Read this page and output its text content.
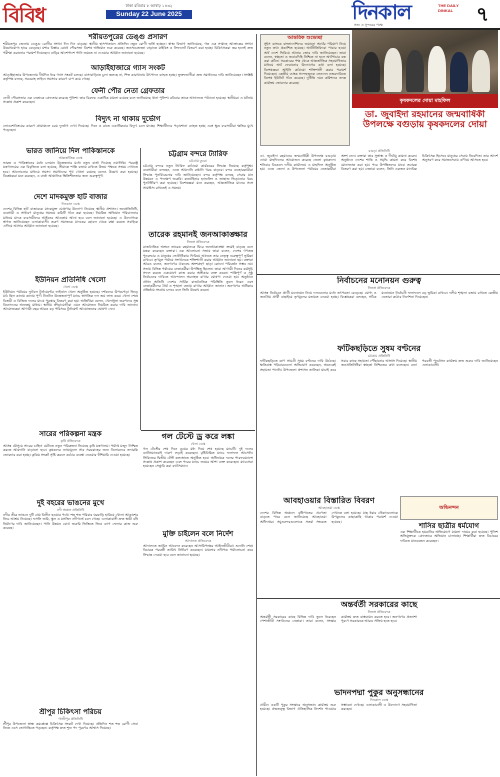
বিবিধ	ঢাকা রবিবার ৮ আষাঢ় ১৪৩২
Sunday 22 June 2025	দিনকাল	THE DAILY DINKAL
সত্য ও সুন্দরের পক্ষে	৭
শরীয়তপুরের ডেঙ্গু প্রসারণ
শরীয়তপুর জেলায় ডেঙ্গু রোগীর সংখ্যা দিন দিন বাড়ছে। স্থানীয় হাসপাতালে প্রতিদিন নতুন রোগী ভর্তি হচ্ছেন। স্বাস্থ্য বিভাগ জানিয়েছে, গত এক সপ্তাহে আক্রান্তের সংখ্যা উল্লেখযোগ্য হারে বেড়েছে। মশার বিস্তার রোধে পৌরসভা বিশেষ অভিযান শুরু করেছে। জনসচেতনতা বাড়াতে মাইকিং ও লিফলেট বিতরণ করা হচ্ছে। চিকিৎসকরা জ্বর হলেই দ্রুত পরীক্ষা করানোর পরামর্শ দিয়েছেন। বাড়ির আশেপাশে পানি জমতে না দেওয়ার আহ্বান জানানো হয়েছে।
আড়াইহাজারে গ্যাস সংকট
আড়াইহাজার উপজেলায় দীর্ঘদিন ধরে গ্যাস সংকট চলছে। বাসাবাড়িতে চুলা জ্বলছে না, শিল্প কারখানায় উৎপাদন ব্যাহত হচ্ছে। ভুক্তভোগীরা দ্রুত সমাধানের দাবি জানিয়েছেন। সংশ্লিষ্ট কর্তৃপক্ষ বলছে, সরবরাহ লাইনে সমস্যার কারণে চাপ কমে গেছে।
ফেনী পৌর নেতা গ্রেফতার
ফেনী পৌরসভার এক নেতাকে গ্রেফতার করেছে পুলিশ। তার বিরুদ্ধে একাধিক মামলা রয়েছে বলে জানিয়েছে থানা পুলিশ। রবিবার তাকে আদালতে পাঠানো হয়েছে। স্থানীয়রা এ ঘটনায় সন্তোষ প্রকাশ করেছেন।
বিদ্যুৎ না থাকায় দুর্ভোগ
লোডশেডিংয়ের কারণে গ্রামাঞ্চলে চরম দুর্ভোগ দেখা দিয়েছে। দিনে ও রাতে একাধিকবার বিদ্যুৎ চলে যাচ্ছে। শিক্ষার্থীদের পড়াশোনা ব্যাহত হচ্ছে এবং ক্ষুদ্র ব্যবসায়ীরা ক্ষতির মুখে পড়েছেন।
ভারত জানিয়ে দিল পাকিস্তানকে
আন্তর্জাতিক ডেস্ক
ভারত ও পাকিস্তানের মধ্যে চলমান উত্তেজনার মধ্যে নতুন বার্তা দিয়েছে নয়াদিল্লি। পররাষ্ট্র মন্ত্রণালয়ের এক বিবৃতিতে বলা হয়েছে, সীমান্তে শান্তি বজায় রাখতে উভয় পক্ষকে সংযম দেখাতে হবে। আলোচনার মাধ্যমে সমস্যা সমাধানের পথ খোলা রয়েছে বলেও উল্লেখ করা হয়েছে। বিশ্লেষকরা মনে করছেন, এ বার্তা আঞ্চলিক স্থিতিশীলতার জন্য গুরুত্বপূর্ণ।
দেশে মাদকমুক্ত হাট বাজার
দিনকাল ডেস্ক
দেশের বিভিন্ন হাট বাজারকে মাদকমুক্ত ঘোষণার উদ্যোগ নিয়েছে স্থানীয় প্রশাসন। জনপ্রতিনিধি, ব্যবসায়ী ও সাধারণ মানুষের সমন্বয়ে কমিটি গঠন করা হয়েছে। নিয়মিত অভিযান পরিচালনার মাধ্যমে মাদক ব্যবসায়ীদের আইনের আওতায় আনা হবে বলে জানানো হয়েছে। এ উদ্যোগকে স্বাগত জানিয়েছেন এলাকাবাসী। তরুণ সমাজকে মাদকের ছোবল থেকে রক্ষা করতে সবাইকে এগিয়ে আসার আহ্বান জানানো হয়েছে।
ইউনিয়ন প্রতিনিধি খেলো
খেলা ডেস্ক
ইউনিয়ন পর্যায়ের ফুটবল টুর্নামেন্টের ফাইনাল খেলা অনুষ্ঠিত হয়েছে। দর্শকদের উপচেপড়া ভিড়ে মাঠ ছিল কানায় কানায় পূর্ণ। টানটান উত্তেজনাপূর্ণ ম্যাচে স্বাগতিক দল জয় লাভ করে। খেলা শেষে বিজয়ী ও বিজিত দলের মাঝে পুরস্কার বিতরণ করা হয়। অতিথিরা বলেন, খেলাধুলা তরুণদের সুস্থ বিনোদনের অন্যতম মাধ্যম। স্থানীয় ক্রীড়ামোদীরা এমন আয়োজন নিয়মিত করার দাবি জানান। আয়োজকরা আগামী বছর আরও বড় পরিসরে টুর্নামেন্ট আয়োজনের ঘোষণা দেন।
সারের পরিকল্পনা মন্ত্রক
কৃষি প্রতিবেদক
আসন্ন মৌসুমে সারের চাহিদা মেটাতে নতুন পরিকল্পনা নিয়েছে কৃষি মন্ত্রণালয়। পর্যাপ্ত মজুদ নিশ্চিত করতে আমদানি বাড়ানো হবে। কৃষকদের ন্যায্যমূল্যে সার সরবরাহের জন্য ডিলারদের তদারকি জোরদার করা হচ্ছে। কৃত্রিম সংকট সৃষ্টি করলে কঠোর ব্যবস্থা নেওয়ার হুঁশিয়ারি দেওয়া হয়েছে।
দুই বহরের ভাঙনের মুখে
নদী অঞ্চল প্রতিনিধি
নদীর তীব্র ভাঙনে দুটি গ্রাম বিলীন হওয়ার পথে। শত শত পরিবার ঘরবাড়ি হারিয়ে খোলা আকাশের নিচে আশ্রয় নিয়েছে। ফসলি জমি, স্কুল ও মসজিদ নদীগর্ভে চলে গেছে। এলাকাবাসী দ্রুত স্থায়ী বাঁধ নির্মাণের দাবি জানিয়েছেন। পানি উন্নয়ন বোর্ড জরুরি ভিত্তিতে জিও ব্যাগ ফেলার কাজ শুরু করেছে।
শ্রীপুর চিকিৎসা পরিচয়
গাজীপুর প্রতিনিধি
শ্রীপুর উপজেলা স্বাস্থ্য কমপ্লেক্সে চিকিৎসক সংকট দেখা দিয়েছে। প্রতিদিন শত শত রোগী সেবা নিতে এসে ভোগান্তিতে পড়ছেন। কর্তৃপক্ষ দ্রুত শূন্য পদ পূরণের আশ্বাস দিয়েছে।
চট্টগ্রাম বন্দরে ট্যারিফ
চট্টগ্রাম ব্যুরো
চট্টগ্রাম বন্দরে নতুন ট্যারিফ কাঠামো কার্যকরের সিদ্ধান্ত নিয়েছে কর্তৃপক্ষ। ব্যবসায়ীরা বলছেন, এতে আমদানি রপ্তানি খরচ বাড়বে। বন্দর ব্যবহারকারীরা সিদ্ধান্ত পুনর্বিবেচনার দাবি জানিয়েছেন। বন্দর কর্তৃপক্ষ বলছে, সেবার মান উন্নয়নে এ পদক্ষেপ জরুরি। কনটেইনার হ্যান্ডলিং ও জাহাজ ভিড়ানোর খরচ পুনর্নির্ধারণ করা হয়েছে। বিশেষজ্ঞরা মনে করছেন, আন্তর্জাতিক মানের সঙ্গে সামঞ্জস্য রাখতেই এ সমন্বয়।
তারেক রহমানই জনআকাঙ্ক্ষার
নিজস্ব প্রতিবেদক
রাজনৈতিক অঙ্গনে তারেক রহমানকে ঘিরে জনআকাঙ্ক্ষা ক্রমেই বাড়ছে বলে মন্তব্য করেছেন বক্তারা। এক আলোচনা সভায় তারা বলেন, দেশের গণতন্ত্র পুনরুদ্ধার ও মানুষের ভোটাধিকার ফিরিয়ে আনতে তার নেতৃত্ব গুরুত্বপূর্ণ ভূমিকা রাখবে। তৃণমূল পর্যায়ে সংগঠনকে শক্তিশালী করার আহ্বান জানানো হয়। বক্তারা আরও বলেন, জনগণের ঐক্যবদ্ধ অংশগ্রহণ ছাড়া কোনো পরিবর্তন সম্ভব নয়। সভায় বিভিন্ন পর্যায়ের নেতাকর্মীরা উপস্থিত ছিলেন। তারা আগামী দিনের কর্মসূচি সফল করতে একযোগে কাজ করার অঙ্গীকার ব্যক্ত করেন। শান্তিপূর্ণ ও সুষ্ঠু নির্বাচনের দাবিতে আন্দোলন অব্যাহত রাখার ঘোষণা দেওয়া হয়। অনুষ্ঠানে প্রধান অতিথি দেশের সার্বিক রাজনৈতিক পরিস্থিতি তুলে ধরেন এবং নেতাকর্মীদের ধৈর্য ও শৃঙ্খলা বজায় রাখার আহ্বান জানান। জনগণের অধিকার প্রতিষ্ঠায় সংগ্রাম চলবে বলে তিনি উল্লেখ করেন।
গল টেস্টে ড্র করে লঙ্কা
খেলা ডেস্ক
গল টেস্টের শেষ দিনে ড্রয়ের মধ্য দিয়ে শেষ হয়েছে ম্যাচটি। দুই দলের ব্যাটসম্যানরাই দারুণ লড়াই করেছেন। বৃষ্টিবিঘ্নিত ম্যাচে ফলাফল আসেনি। সিরিজের দ্বিতীয় টেস্ট কলম্বোতে অনুষ্ঠিত হবে। অধিনায়ক দলের পারফরম্যান্সে সন্তোষ প্রকাশ করেছেন এবং পরের ম্যাচে জয়ের আশা ব্যক্ত করেছেন। ম্যাচসেরা হয়েছেন সেঞ্চুরি করা ব্যাটসম্যান।
মুক্তি চাইলেন বলে নির্দেশ
আদালত প্রতিবেদক
আদালতে জামিন আবেদন করেছেন আসামিপক্ষের আইনজীবীরা। শুনানি শেষে বিচারক পরবর্তী তারিখ নির্ধারণ করেছেন। মামলার নথিপত্র পর্যালোচনা করে সিদ্ধান্ত দেওয়া হবে বলে জানানো হয়েছে।
আন্তরিক শুভেচ্ছা
সুইস ব্যাংকে বাংলাদেশিদের জমানো অর্থের পরিমাণ নিয়ে নতুন তথ্য প্রকাশিত হয়েছে। অর্থনীতিবিদরা পাচার হওয়া অর্থ দেশে ফিরিয়ে আনার জোর দাবি জানিয়েছেন। তারা বলেন, স্বচ্ছতা ও জবাবদিহি নিশ্চিত না হলে অর্থপাচার বন্ধ করা কঠিন। সরকারের পক্ষ থেকে আন্তর্জাতিক সহযোগিতার মাধ্যমে অর্থ ফেরানোর উদ্যোগের কথা বলা হয়েছে। বিশেষজ্ঞরা আইনি কাঠামো শক্তিশালী করার পরামর্শ দিয়েছেন। কেন্দ্রীয় ব্যাংক সন্দেহজনক লেনদেন নজরদারিতে বিশেষ ইউনিট গঠন করেছে। দুর্নীতি দমন কমিশনও তদন্ত কার্যক্রম জোরদার করেছে।
কৃষকদলের দোয়া মাহফিল
ডা. জুবাইদা রহমানের জন্মবার্ষিকী উপলক্ষে বগুড়ায় কৃষকদলের দোয়া
বগুড়া প্রতিনিধি
ডা. জুবাইদা রহমানের জন্মবার্ষিকী উপলক্ষে বগুড়ায় দোয়া মাহফিলের আয়োজন করেছে জেলা কৃষকদল। শনিবার বিকেলে দলীয় কার্যালয়ে এ মাহফিল অনুষ্ঠিত হয়। এতে জেলা ও উপজেলা পর্যায়ের নেতাকর্মীরা অংশ নেন। বক্তারা তার সুস্বাস্থ্য ও দীর্ঘায়ু কামনা করেন। অনুষ্ঠানে দেশের শান্তি ও সমৃদ্ধি কামনা করে বিশেষ মোনাজাত করা হয়। পরে উপস্থিতদের মাঝে তবারক বিতরণ করা হয়। নেতারা বলেন, তিনি একজন মানবিক চিকিৎসক হিসেবে মানুষের সেবায় নিবেদিত। তার আদর্শ অনুসরণ করে সমাজসেবায় এগিয়ে আসতে হবে।
নির্বাচনের মনোনয়ন গুরুত্ব
নিজস্ব প্রতিবেদক
আসন্ন নির্বাচনে প্রার্থী মনোনয়ন নিয়ে দলগুলোর মধ্যে তৎপরতা বেড়েছে। যোগ্য ও জনপ্রিয় প্রার্থী বাছাইয়ে তৃণমূলের মতামত নেওয়া হচ্ছে। বিশ্লেষকরা বলছেন, সঠিক মনোনয়ন নির্বাচনী ফলাফলে বড় ভূমিকা রাখবে। দলীয় শৃঙ্খলা বজায় রাখতে কেন্দ্রীয় নেতারা কঠোর নির্দেশনা দিয়েছেন।
ফটিকছড়িতে সুষম বণ্টনের
চট্টগ্রাম প্রতিনিধি
ফটিকছড়িতে ত্রাণ সামগ্রী সুষম বণ্টনের দাবি উঠেছে। ক্ষতিগ্রস্ত পরিবারগুলো অভিযোগ করেছেন, অনেকেই সহায়তা পাননি। উপজেলা প্রশাসন তালিকা যাচাই করে সবার কাছে সহায়তা পৌঁছানোর আশ্বাস দিয়েছে। স্থানীয় জনপ্রতিনিধিরা স্বচ্ছতা নিশ্চিতের কথা বলেছেন। বন্যা পরবর্তী পুনর্বাসন কার্যক্রম দ্রুত শুরুর দাবি জানিয়েছেন এলাকাবাসী।
অভিনন্দন
আবহাওয়ার বিস্তারিত বিবরণ
আবহাওয়া ডেস্ক
দেশের বিভিন্ন অঞ্চলে বৃষ্টিপাতের প্রবণতা বাড়তে পারে বলে জানিয়েছে আবহাওয়া অধিদপ্তর। সমুদ্রবন্দরগুলোকে সতর্ক সংকেত দেখাতে বলা হয়েছে। মাছ ধরার নৌকাগুলোকে উপকূলের কাছাকাছি থাকার পরামর্শ দেওয়া হয়েছে।
শাসির ছাত্রীর ধর্মযোগ
এক শিক্ষার্থীকে হয়রানির অভিযোগে মামলা দায়ের করা হয়েছে। পুলিশ অভিযুক্তকে গ্রেফতারে অভিযান চালাচ্ছে। শিক্ষার্থীরা দ্রুত বিচারের দাবিতে মানববন্ধন করেছেন।
অন্তর্বর্তী সরকারের কাছে
নিজস্ব প্রতিবেদক
অন্তর্বর্তী সরকারের কাছে বিভিন্ন দাবি তুলে ধরেছেন পেশাজীবী সংগঠনের নেতারা। তারা বলেন, সংস্কার কার্যক্রম দ্রুত বাস্তবায়ন করতে হবে। জনগণের প্রত্যাশা পূরণে সরকারকে আরও সক্রিয় হতে হবে।
ভাদনপদ্মা পুকুর অনুসন্ধানের
দিনকাল ডেস্ক
প্রাচীন একটি পুকুর সংস্কারে অনুসন্ধান কার্যক্রম শুরু হয়েছে। প্রত্নতত্ত্ব বিভাগ ঐতিহাসিক নিদর্শন পাওয়ার সম্ভাবনা দেখছে। এলাকাবাসী এ উদ্যোগে সহযোগিতা করছেন।
